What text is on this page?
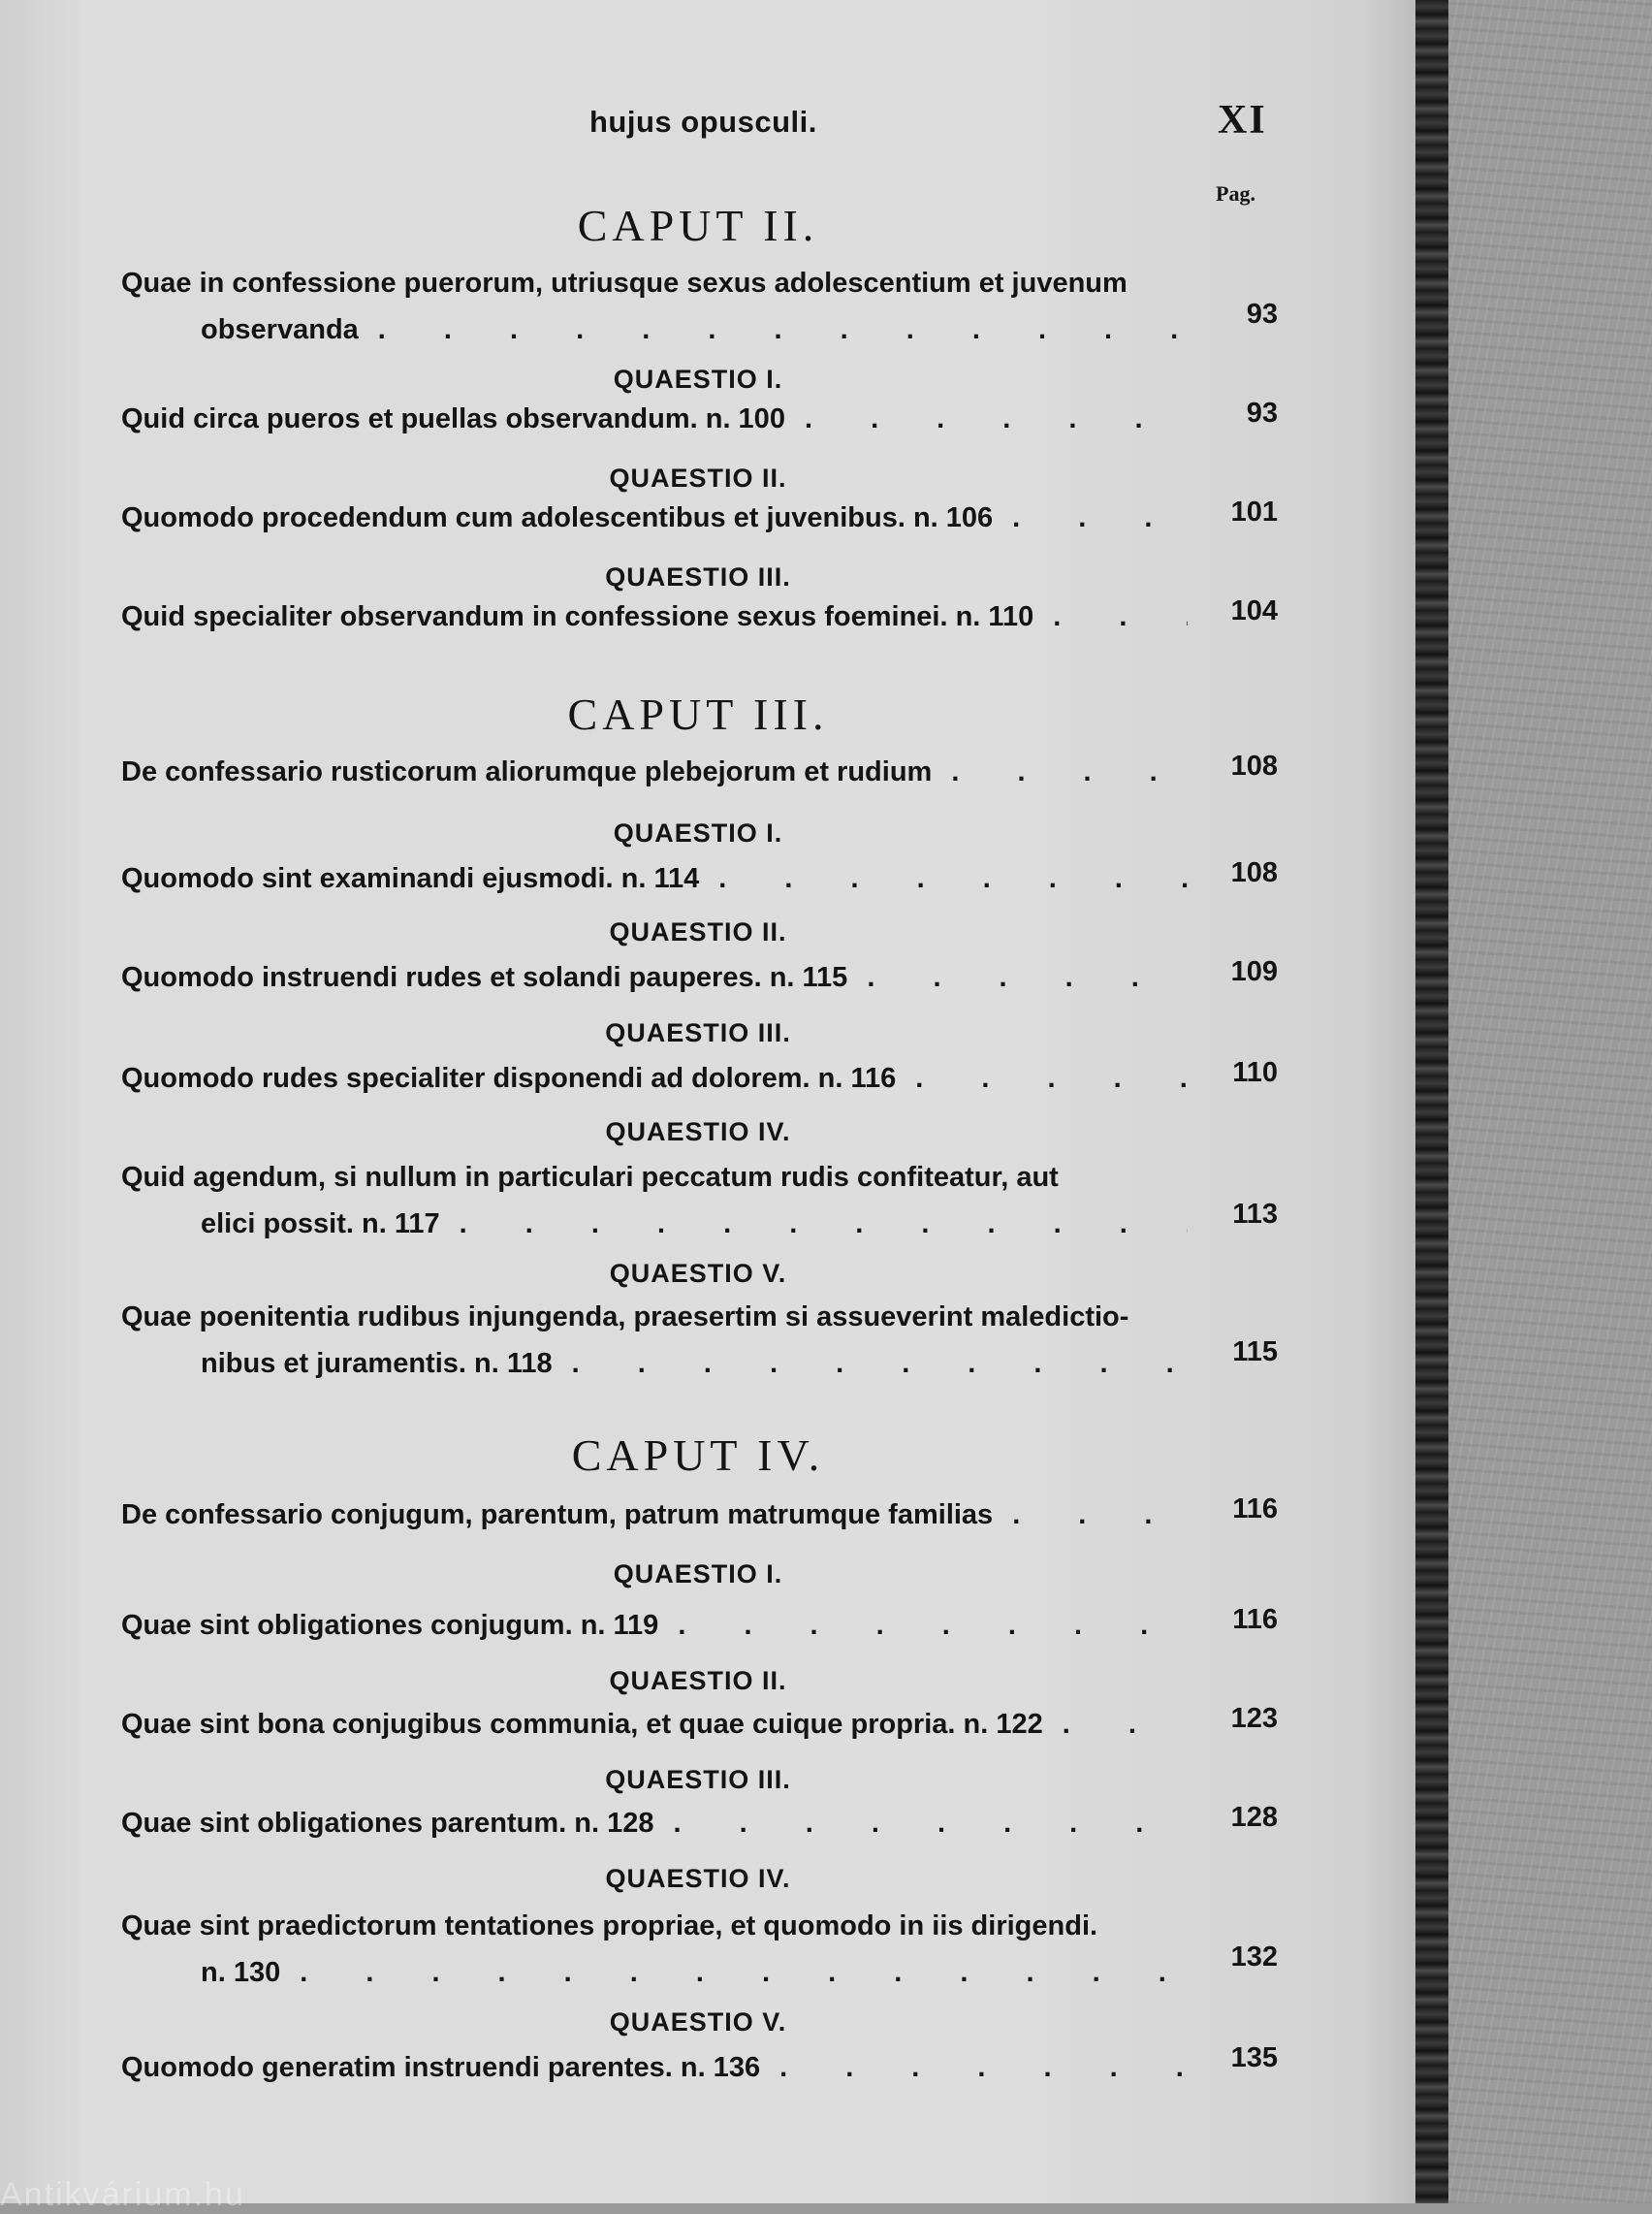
hujus opusculi.	XI
Pag.
CAPUT II.
Quae in confessione puerorum, utriusque sexus adolescentium et juvenum
observanda . . .	93
QUAESTIO I.
Quid circa pueros et puellas observandum. n. 100 . . .	93
QUAESTIO II.
Quomodo procedendum cum adolescentibus et juvenibus. n. 106 . . .	101
QUAESTIO III.
Quid specialiter observandum in confessione sexus foeminei. n. 110 . . .	104
CAPUT III.
De confessario rusticorum aliorumque plebejorum et rudium . . .	108
QUAESTIO I.
Quomodo sint examinandi ejusmodi. n. 114 . . .	108
QUAESTIO II.
Quomodo instruendi rudes et solandi pauperes. n. 115 . . .	109
QUAESTIO III.
Quomodo rudes specialiter disponendi ad dolorem. n. 116 . . .	110
QUAESTIO IV.
Quid agendum, si nullum in particulari peccatum rudis confiteatur, aut
elici possit. n. 117 . . .	113
QUAESTIO V.
Quae poenitentia rudibus injungenda, praesertim si assueverint maledictio-
nibus et juramentis. n. 118 . . .	115
CAPUT IV.
De confessario conjugum, parentum, patrum matrumque familias . . .	116
QUAESTIO I.
Quae sint obligationes conjugum. n. 119 . . .	116
QUAESTIO II.
Quae sint bona conjugibus communia, et quae cuique propria. n. 122 . . .	123
QUAESTIO III.
Quae sint obligationes parentum. n. 128 . . .	128
QUAESTIO IV.
Quae sint praedictorum tentationes propriae, et quomodo in iis dirigendi.
n. 130 . . .	132
QUAESTIO V.
Quomodo generatim instruendi parentes. n. 136 . . .	135
Antikvárium.hu
